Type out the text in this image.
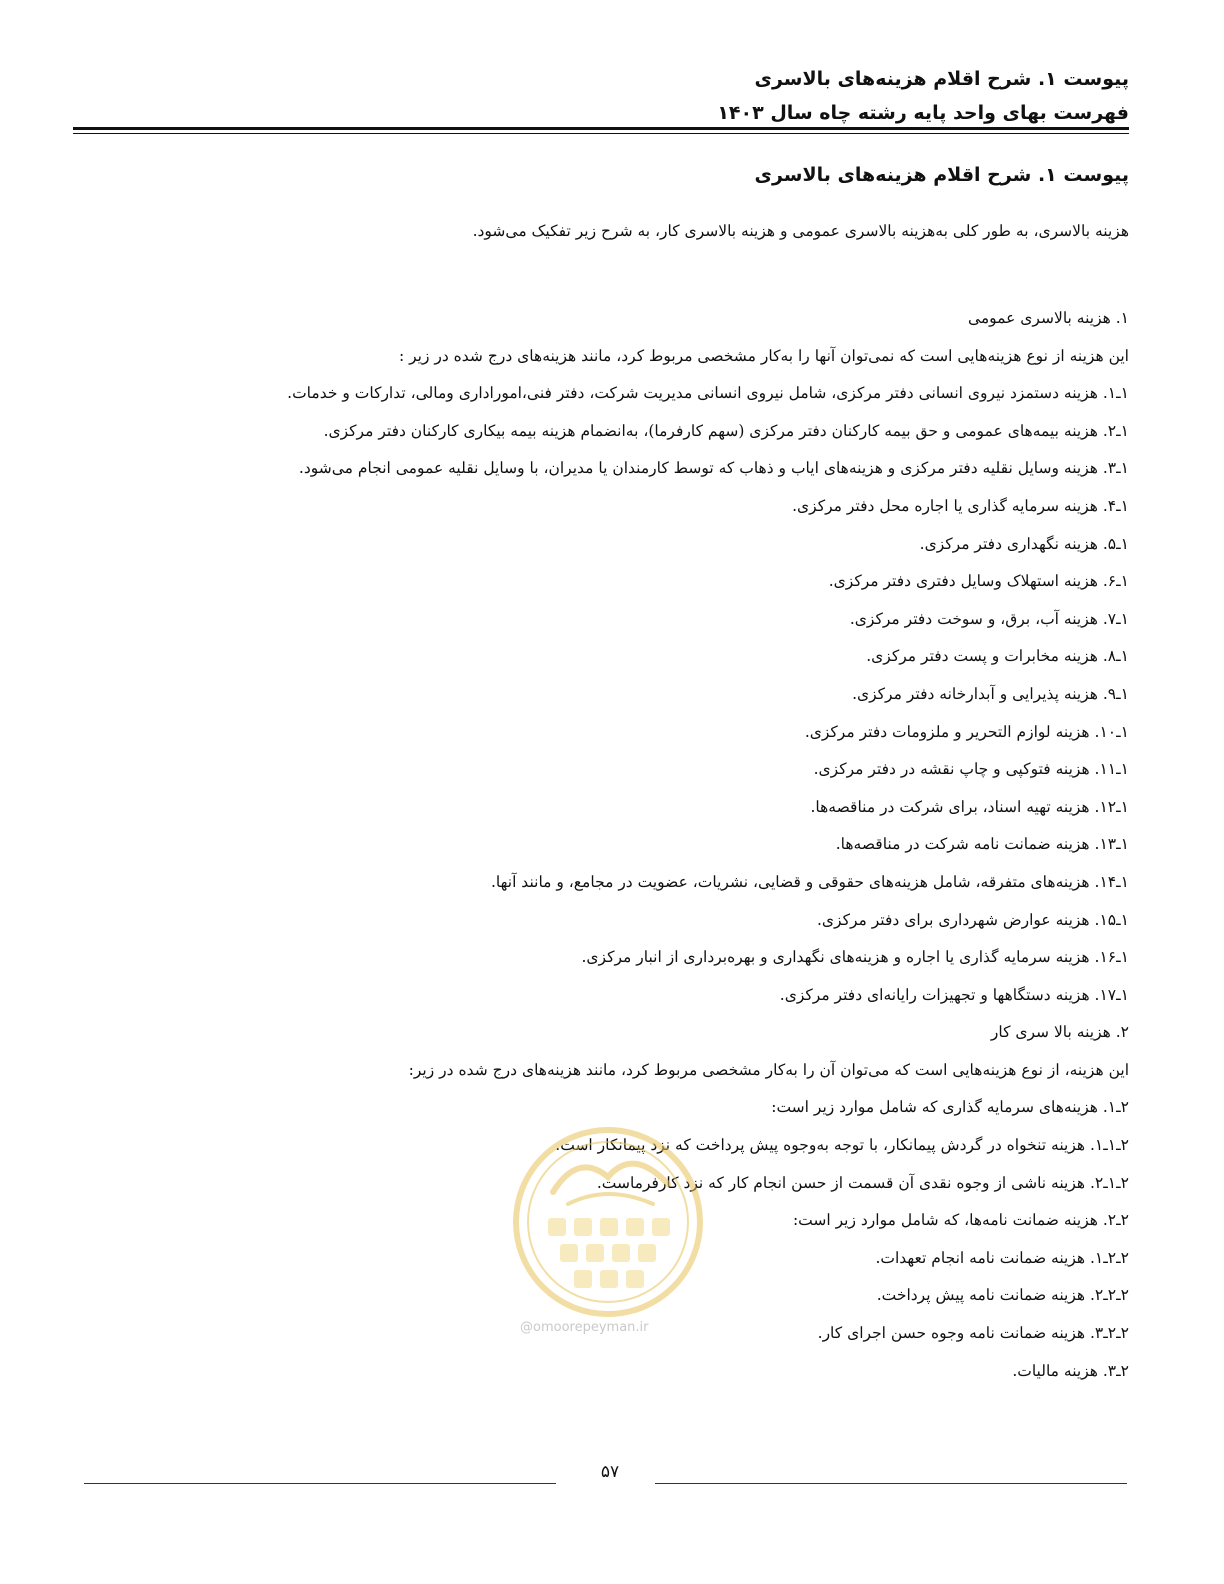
پیوست ۱. شرح اقلام هزینه‌های بالاسری
فهرست بهای واحد پایه رشته چاه سال ۱۴۰۳
پیوست ۱. شرح اقلام هزینه‌های بالاسری
هزینه بالاسری، به طور کلی به‌هزینه بالاسری عمومی و هزینه بالاسری کار، به شرح زیر تفکیک می‌شود.
۱. هزینه بالاسری عمومی
این هزینه از نوع هزینه‌هایی است که نمی‌توان آنها را به‌کار مشخصی مربوط کرد، مانند هزینه‌های درج شده در زیر :
۱ـ۱. هزینه دستمزد نیروی انسانی دفتر مرکزی، شامل نیروی انسانی مدیریت شرکت، دفتر فنی،اموراداری ومالی، تدارکات و خدمات.
۱ـ۲. هزینه بیمه‌های عمومی و حق بیمه کارکنان دفتر مرکزی (سهم کارفرما)، به‌انضمام هزینه بیمه بیکاری کارکنان دفتر مرکزی.
۱ـ۳. هزینه وسایل نقلیه دفتر مرکزی و هزینه‌های ایاب و ذهاب که توسط کارمندان یا مدیران، با وسایل نقلیه عمومی انجام می‌شود.
۱ـ۴. هزینه سرمایه گذاری یا اجاره محل دفتر مرکزی.
۱ـ۵. هزینه نگهداری دفتر مرکزی.
۱ـ۶. هزینه استهلاک وسایل دفتری دفتر مرکزی.
۱ـ۷. هزینه آب، برق، و سوخت دفتر مرکزی.
۱ـ۸. هزینه مخابرات و پست دفتر مرکزی.
۱ـ۹. هزینه پذیرایی و آبدارخانه دفتر مرکزی.
۱ـ۱۰. هزینه لوازم التحریر و ملزومات دفتر مرکزی.
۱ـ۱۱. هزینه فتوکپی و چاپ نقشه در دفتر مرکزی.
۱ـ۱۲. هزینه تهیه اسناد، برای شرکت در مناقصه‌ها.
۱ـ۱۳. هزینه ضمانت نامه شرکت در مناقصه‌ها.
۱ـ۱۴. هزینه‌های متفرقه، شامل هزینه‌های حقوقی و قضایی، نشریات، عضویت در مجامع، و مانند آنها.
۱ـ۱۵. هزینه عوارض شهرداری برای دفتر مرکزی.
۱ـ۱۶. هزینه سرمایه گذاری یا اجاره و هزینه‌های نگهداری و بهره‌برداری از انبار مرکزی.
۱ـ۱۷. هزینه دستگاهها و تجهیزات رایانه‌ای دفتر مرکزی.
۲. هزینه بالا سری کار
این هزینه، از نوع هزینه‌هایی است که می‌توان آن را به‌کار مشخصی مربوط کرد، مانند هزینه‌های درج شده در زیر:
۲ـ۱. هزینه‌های سرمایه گذاری که شامل موارد زیر است:
۲ـ۱ـ۱. هزینه تنخواه در گردش پیمانکار، با توجه به‌وجوه پیش پرداخت که نزد پیمانکار است.
۲ـ۱ـ۲. هزینه ناشی از وجوه نقدی آن قسمت از حسن انجام کار که نزد کارفرماست.
۲ـ۲. هزینه ضمانت نامه‌ها، که شامل موارد زیر است:
۲ـ۲ـ۱. هزینه ضمانت نامه انجام تعهدات.
۲ـ۲ـ۲. هزینه ضمانت نامه پیش پرداخت.
۲ـ۲ـ۳. هزینه ضمانت نامه وجوه حسن اجرای کار.
۲ـ۳. هزینه مالیات.
@omoorepeyman.ir
۵۷
